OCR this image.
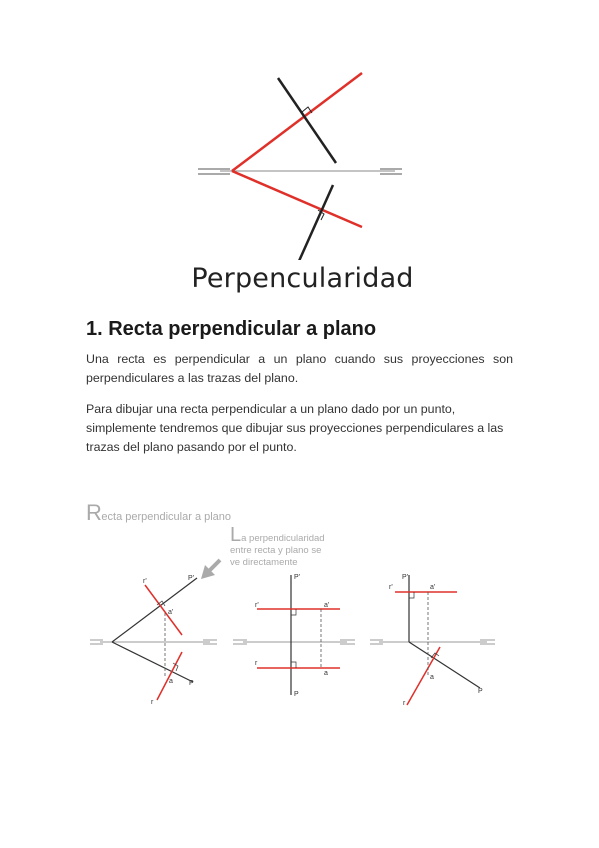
Perpencularidad
1. Recta perpendicular a plano
Una recta es perpendicular a un plano cuando sus proyecciones son perpendiculares a las trazas del plano.
Para dibujar una recta perpendicular a un plano dado por un punto, simplemente tendremos que dibujar sus proyecciones perpendiculares a las trazas del plano pasando por el punto.
Recta perpendicular a plano
La perpendicularidad
entre recta y plano se
ve directamente
r'	P'
a'
a P
r
P'
r'	a'
r
a
P
P'
r'	a'
a
P
r
